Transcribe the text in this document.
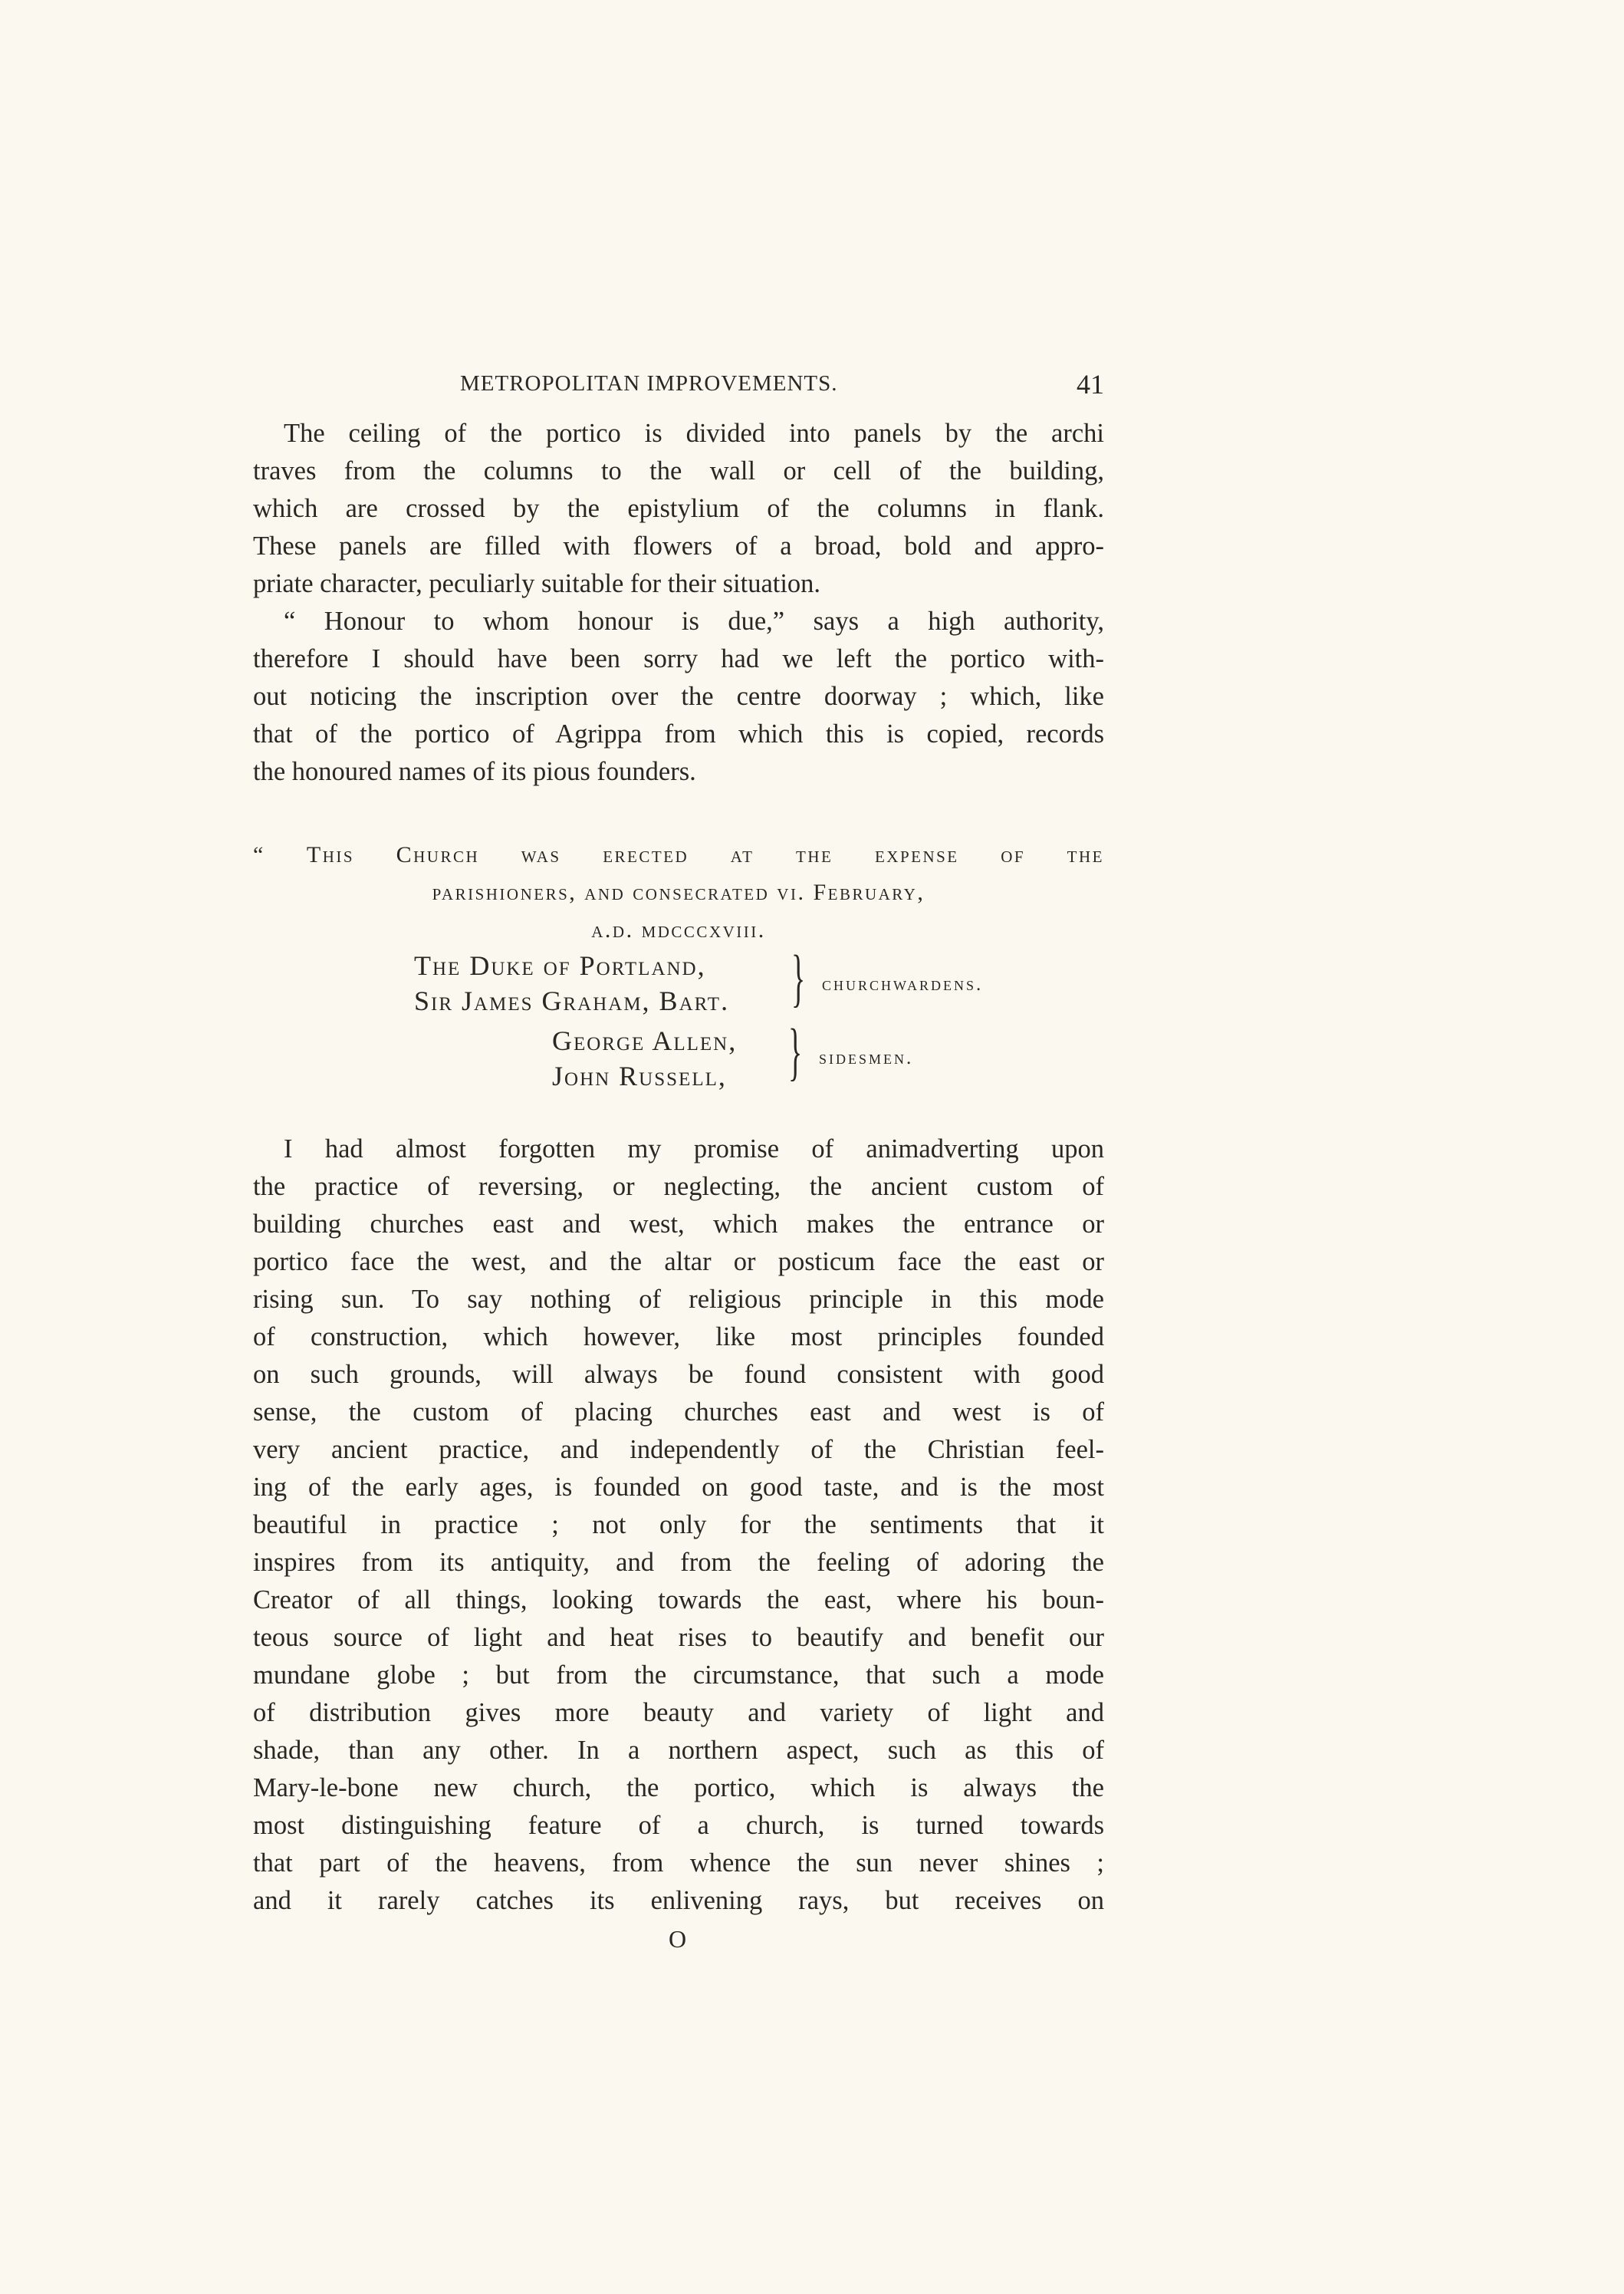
METROPOLITAN IMPROVEMENTS.	41

The ceiling of the portico is divided into panels by the archi
traves from the columns to the wall or cell of the building,
which are crossed by the epistylium of the columns in flank.
These panels are filled with flowers of a broad, bold and appro-
priate character, peculiarly suitable for their situation.

“ Honour to whom honour is due,” says a high authority,
therefore I should have been sorry had we left the portico with-
out noticing the inscription over the centre doorway ; which, like
that of the portico of Agrippa from which this is copied, records
the honoured names of its pious founders.

“ This Church was erected at the expense of the
parishioners, and consecrated vi. February,
a.d. mdcccxviii.
The Duke of Portland,
Sir James Graham, Bart. } churchwardens.
George Allen,
John Russell, } sidesmen.

I had almost forgotten my promise of animadverting upon
the practice of reversing, or neglecting, the ancient custom of
building churches east and west, which makes the entrance or
portico face the west, and the altar or posticum face the east or
rising sun. To say nothing of religious principle in this mode
of construction, which however, like most principles founded
on such grounds, will always be found consistent with good
sense, the custom of placing churches east and west is of
very ancient practice, and independently of the Christian feel-
ing of the early ages, is founded on good taste, and is the most
beautiful in practice ; not only for the sentiments that it
inspires from its antiquity, and from the feeling of adoring the
Creator of all things, looking towards the east, where his boun-
teous source of light and heat rises to beautify and benefit our
mundane globe ; but from the circumstance, that such a mode
of distribution gives more beauty and variety of light and
shade, than any other. In a northern aspect, such as this of
Mary-le-bone new church, the portico, which is always the
most distinguishing feature of a church, is turned towards
that part of the heavens, from whence the sun never shines ;
and it rarely catches its enlivening rays, but receives on

O
